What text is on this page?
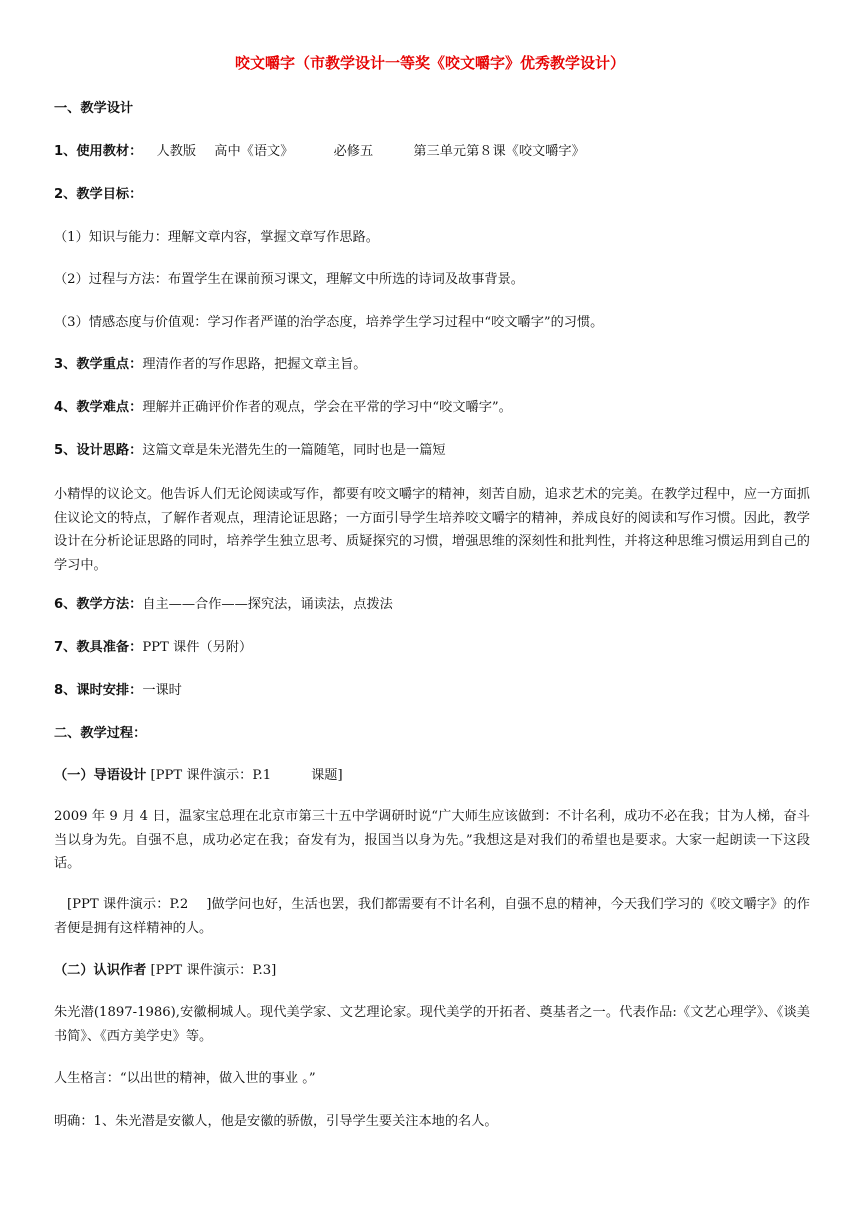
咬文嚼字（市教学设计一等奖《咬文嚼字》优秀教学设计）
一、教学设计
1、使用教材： 人教版 高中《语文》	必修五	第三单元第８课《咬文嚼字》
2、教学目标：
（1）知识与能力：理解文章内容，掌握文章写作思路。
（2）过程与方法：布置学生在课前预习课文，理解文中所选的诗词及故事背景。
（3）情感态度与价值观：学习作者严谨的治学态度，培养学生学习过程中“咬文嚼字”的习惯。
3、教学重点：理清作者的写作思路，把握文章主旨。
4、教学难点：理解并正确评价作者的观点，学会在平常的学习中“咬文嚼字”。
5、设计思路：这篇文章是朱光潜先生的一篇随笔，同时也是一篇短
小精悍的议论文。他告诉人们无论阅读或写作，都要有咬文嚼字的精神，刻苦自励，追求艺术的完美。在教学过程中，应一方面抓住议论文的特点，了解作者观点，理清论证思路；一方面引导学生培养咬文嚼字的精神，养成良好的阅读和写作习惯。因此，教学设计在分析论证思路的同时，培养学生独立思考、质疑探究的习惯，增强思维的深刻性和批判性，并将这种思维习惯运用到自己的学习中。
6、教学方法：自主——合作——探究法，诵读法，点拨法
7、教具准备：PPT 课件（另附）
8、课时安排：一课时
二、教学过程：
（一）导语设计 [PPT 课件演示：P.1	课题]
2009 年 9 月 4 日，温家宝总理在北京市第三十五中学调研时说“广大师生应该做到：不计名利，成功不必在我；甘为人梯，奋斗当以身为先。自强不息，成功必定在我；奋发有为，报国当以身为先。”我想这是对我们的希望也是要求。大家一起朗读一下这段话。
[PPT 课件演示：P.2 ]做学问也好，生活也罢，我们都需要有不计名利，自强不息的精神，今天我们学习的《咬文嚼字》的作者便是拥有这样精神的人。
（二）认识作者 [PPT 课件演示：P.3]
朱光潜(1897-1986),安徽桐城人。现代美学家、文艺理论家。现代美学的开拓者、奠基者之一。代表作品:《文艺心理学》、《谈美书简》、《西方美学史》等。
人生格言：“以出世的精神，做入世的事业 。”
明确：1、朱光潜是安徽人，他是安徽的骄傲，引导学生要关注本地的名人。
